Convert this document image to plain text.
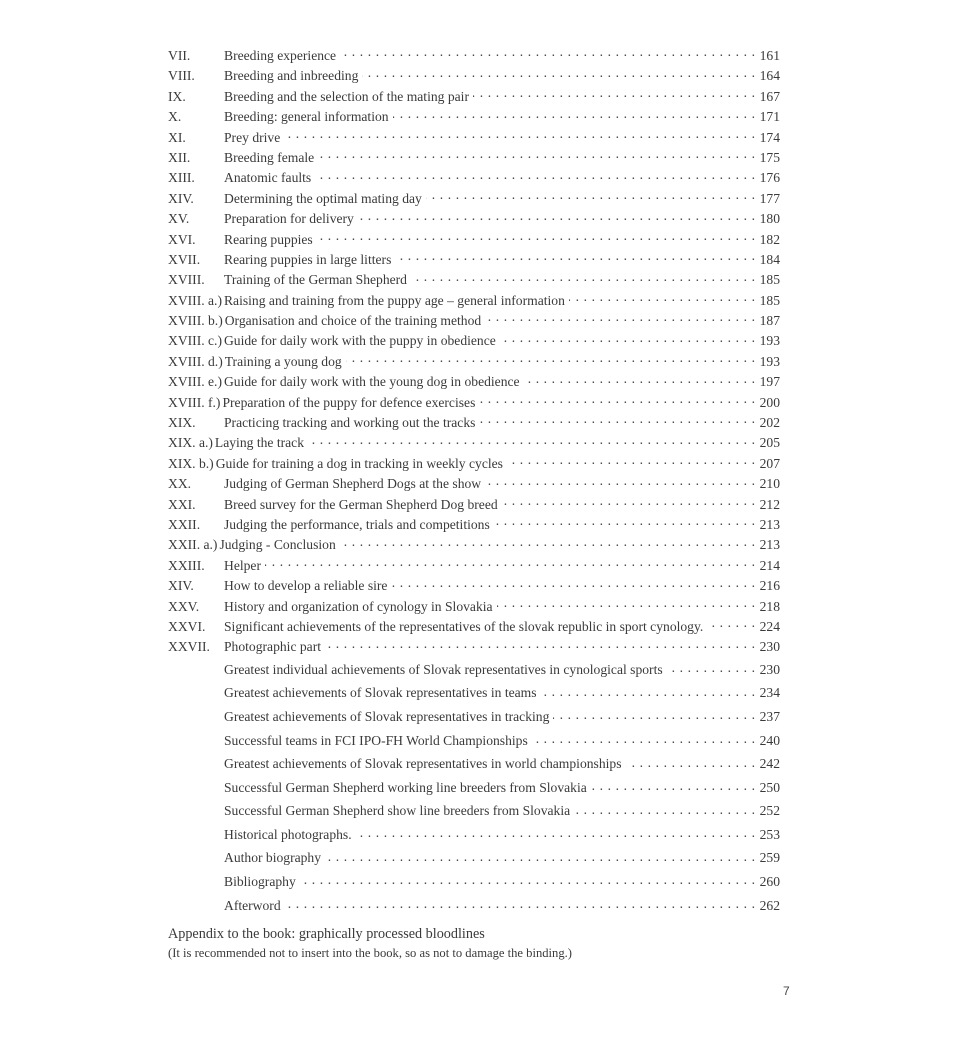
VII.	Breeding experience . . .	161
VIII.	Breeding and inbreeding . . .	164
IX.	Breeding and the selection of the mating pair . . .	167
X.	Breeding: general information . . .	171
XI.	Prey drive . . .	174
XII.	Breeding female . . .	175
XIII.	Anatomic faults . . .	176
XIV.	Determining the optimal mating day . . .	177
XV.	Preparation for delivery . . .	180
XVI.	Rearing puppies . . .	182
XVII.	Rearing puppies in large litters . . .	184
XVIII.	Training of the German Shepherd . . .	185
XVIII. a.) Raising and training from the puppy age – general information . . .	185
XVIII. b.) Organisation and choice of the training method . . .	187
XVIII. c.) Guide for daily work with the puppy in obedience . . .	193
XVIII. d.) Training a young dog . . .	193
XVIII. e.) Guide for daily work with the young dog in obedience . . .	197
XVIII. f.) Preparation of the puppy for defence exercises . . .	200
XIX.	Practicing tracking and working out the tracks . . .	202
XIX. a.) Laying the track . . .	205
XIX. b.) Guide for training a dog in tracking in weekly cycles . . .	207
XX.	Judging of German Shepherd Dogs at the show . . .	210
XXI.	Breed survey for the German Shepherd Dog breed . . .	212
XXII.	Judging the performance, trials and competitions . . .	213
XXII. a.) Judging - Conclusion . . .	213
XXIII.	Helper . . .	214
XIV.	How to develop a reliable sire . . .	216
XXV.	History and organization of cynology in Slovakia . . .	218
XXVI.	Significant achievements of the representatives of the slovak republic in sport cynology. . . .	224
XXVII.	Photographic part . . .	230
Greatest individual achievements of Slovak representatives in cynological sports . . .	230
Greatest achievements of Slovak representatives in teams . . .	234
Greatest achievements of Slovak representatives in tracking . . .	237
Successful teams in FCI IPO-FH World Championships . . .	240
Greatest achievements of Slovak representatives in world championships . . .	242
Successful German Shepherd working line breeders from Slovakia . . .	250
Successful German Shepherd show line breeders from Slovakia . . .	252
Historical photographs. . . .	253
Author biography . . .	259
Bibliography . . .	260
Afterword . . .	262
Appendix to the book: graphically processed bloodlines
(It is recommended not to insert into the book, so as not to damage the binding.)
7
